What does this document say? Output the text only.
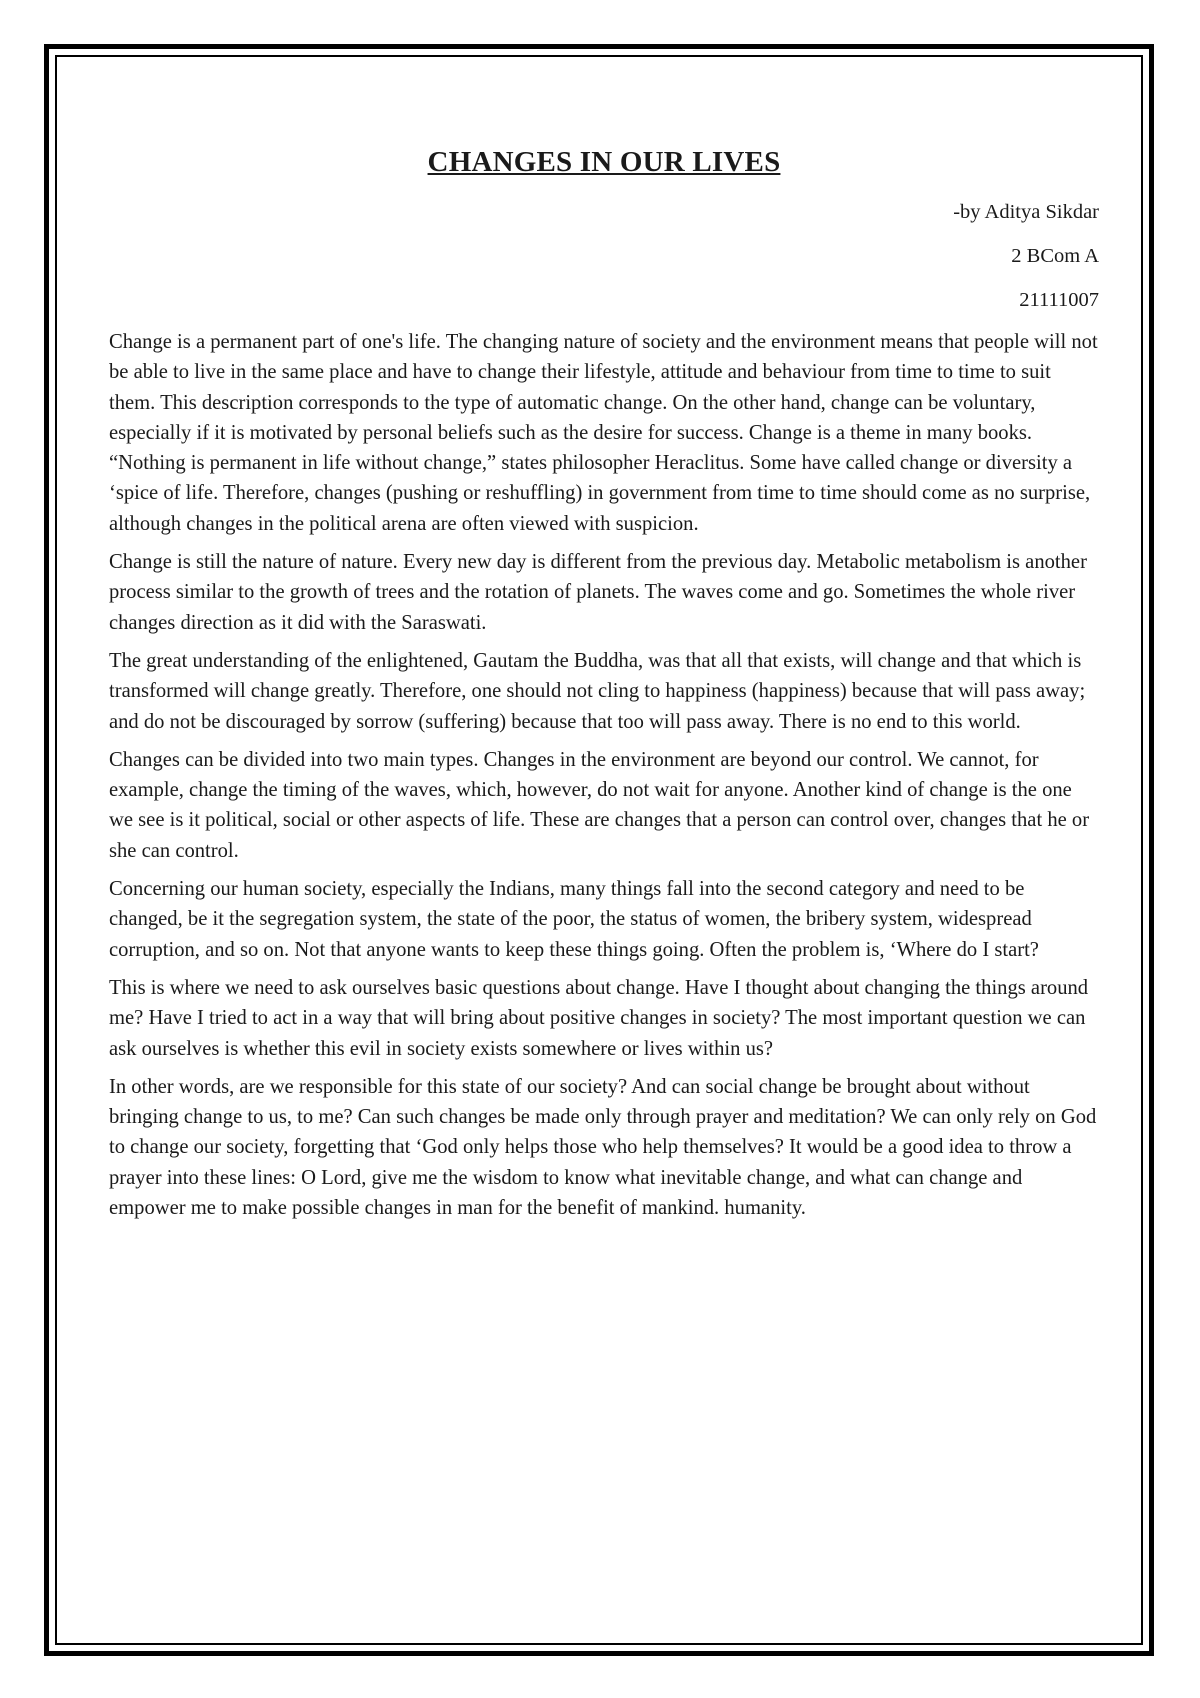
CHANGES IN OUR LIVES
-by Aditya Sikdar
2 BCom A
21111007

Change is a permanent part of one's life. The changing nature of society and the environment means that people will not be able to live in the same place and have to change their lifestyle, attitude and behaviour from time to time to suit them. This description corresponds to the type of automatic change. On the other hand, change can be voluntary, especially if it is motivated by personal beliefs such as the desire for success. Change is a theme in many books. “Nothing is permanent in life without change,” states philosopher Heraclitus. Some have called change or diversity a ‘spice of life. Therefore, changes (pushing or reshuffling) in government from time to time should come as no surprise, although changes in the political arena are often viewed with suspicion.

Change is still the nature of nature. Every new day is different from the previous day. Metabolic metabolism is another process similar to the growth of trees and the rotation of planets. The waves come and go. Sometimes the whole river changes direction as it did with the Saraswati.

The great understanding of the enlightened, Gautam the Buddha, was that all that exists, will change and that which is transformed will change greatly. Therefore, one should not cling to happiness (happiness) because that will pass away; and do not be discouraged by sorrow (suffering) because that too will pass away. There is no end to this world.

Changes can be divided into two main types. Changes in the environment are beyond our control. We cannot, for example, change the timing of the waves, which, however, do not wait for anyone. Another kind of change is the one we see is it political, social or other aspects of life. These are changes that a person can control over, changes that he or she can control.

Concerning our human society, especially the Indians, many things fall into the second category and need to be changed, be it the segregation system, the state of the poor, the status of women, the bribery system, widespread corruption, and so on. Not that anyone wants to keep these things going. Often the problem is, ‘Where do I start?

This is where we need to ask ourselves basic questions about change. Have I thought about changing the things around me? Have I tried to act in a way that will bring about positive changes in society? The most important question we can ask ourselves is whether this evil in society exists somewhere or lives within us?

In other words, are we responsible for this state of our society? And can social change be brought about without bringing change to us, to me? Can such changes be made only through prayer and meditation? We can only rely on God to change our society, forgetting that ‘God only helps those who help themselves? It would be a good idea to throw a prayer into these lines: O Lord, give me the wisdom to know what inevitable change, and what can change and empower me to make possible changes in man for the benefit of mankind. humanity.
